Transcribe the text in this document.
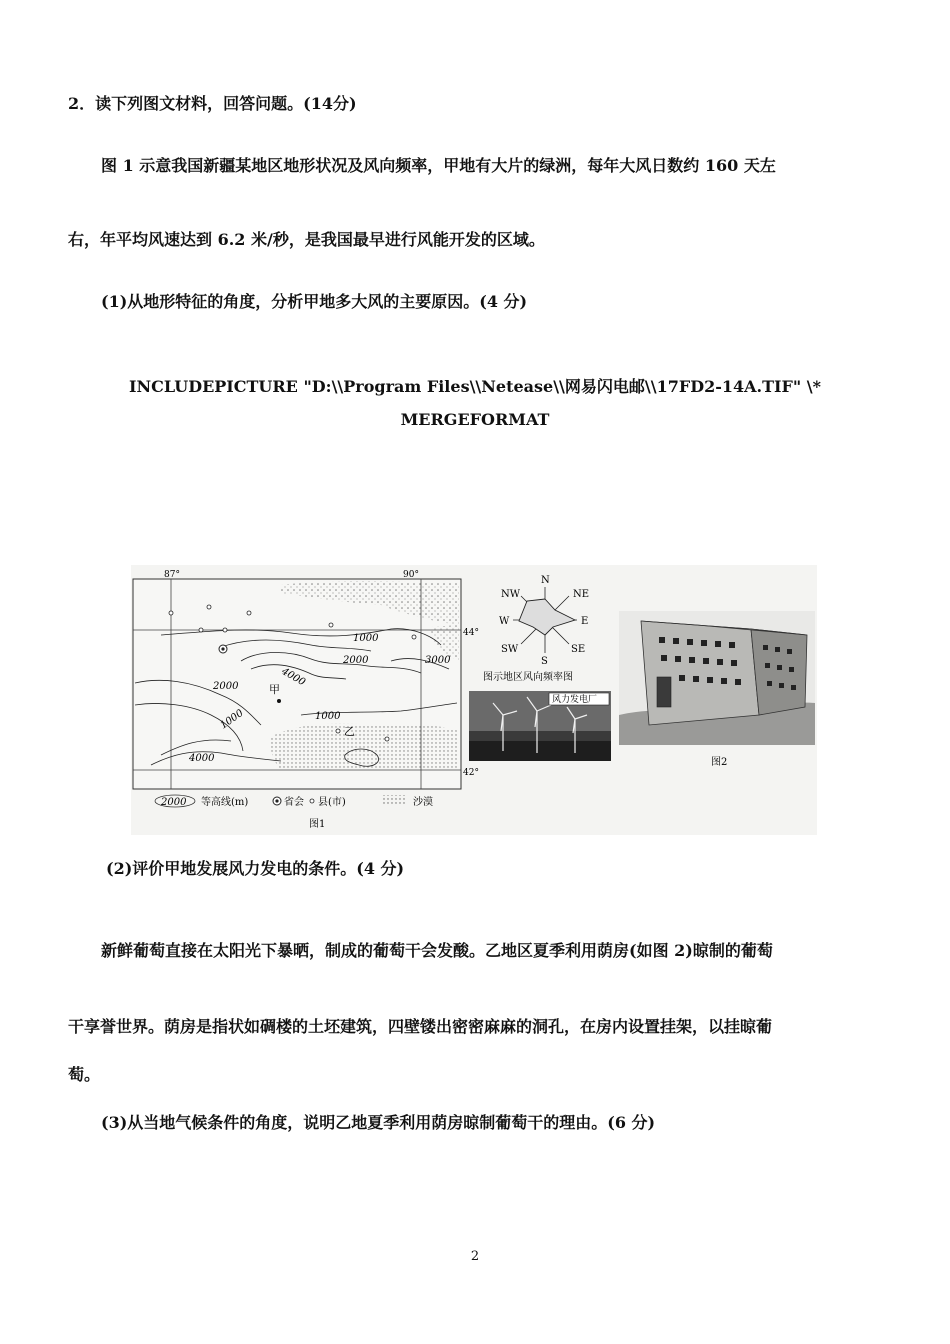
2．读下列图文材料，回答问题。(14分)
图 1 示意我国新疆某地区地形状况及风向频率，甲地有大片的绿洲，每年大风日数约 160 天左
右，年平均风速达到 6.2 米/秒，是我国最早进行风能开发的区域。
(1)从地形特征的角度，分析甲地多大风的主要原因。(4 分)
INCLUDEPICTURE "D:\\Program Files\\Netease\\网易闪电邮\\17FD2-14A.TIF" \*
MERGEFORMAT
87°	90°
44°
42°
1000
2000	3000
4000
2000
1000
1000
4000
甲
乙
2000 等高线(m)	省会 县(市)	沙漠
图1
N
NE
E
SE
S
SW
W
NW
图示地区风向频率图
风力发电厂
图2
(2)评价甲地发展风力发电的条件。(4 分)
新鲜葡萄直接在太阳光下暴晒，制成的葡萄干会发酸。乙地区夏季利用荫房(如图 2)晾制的葡萄
干享誉世界。荫房是指状如碉楼的土坯建筑，四壁镂出密密麻麻的洞孔，在房内设置挂架，以挂晾葡
萄。
(3)从当地气候条件的角度，说明乙地夏季利用荫房晾制葡萄干的理由。(6 分)
2
